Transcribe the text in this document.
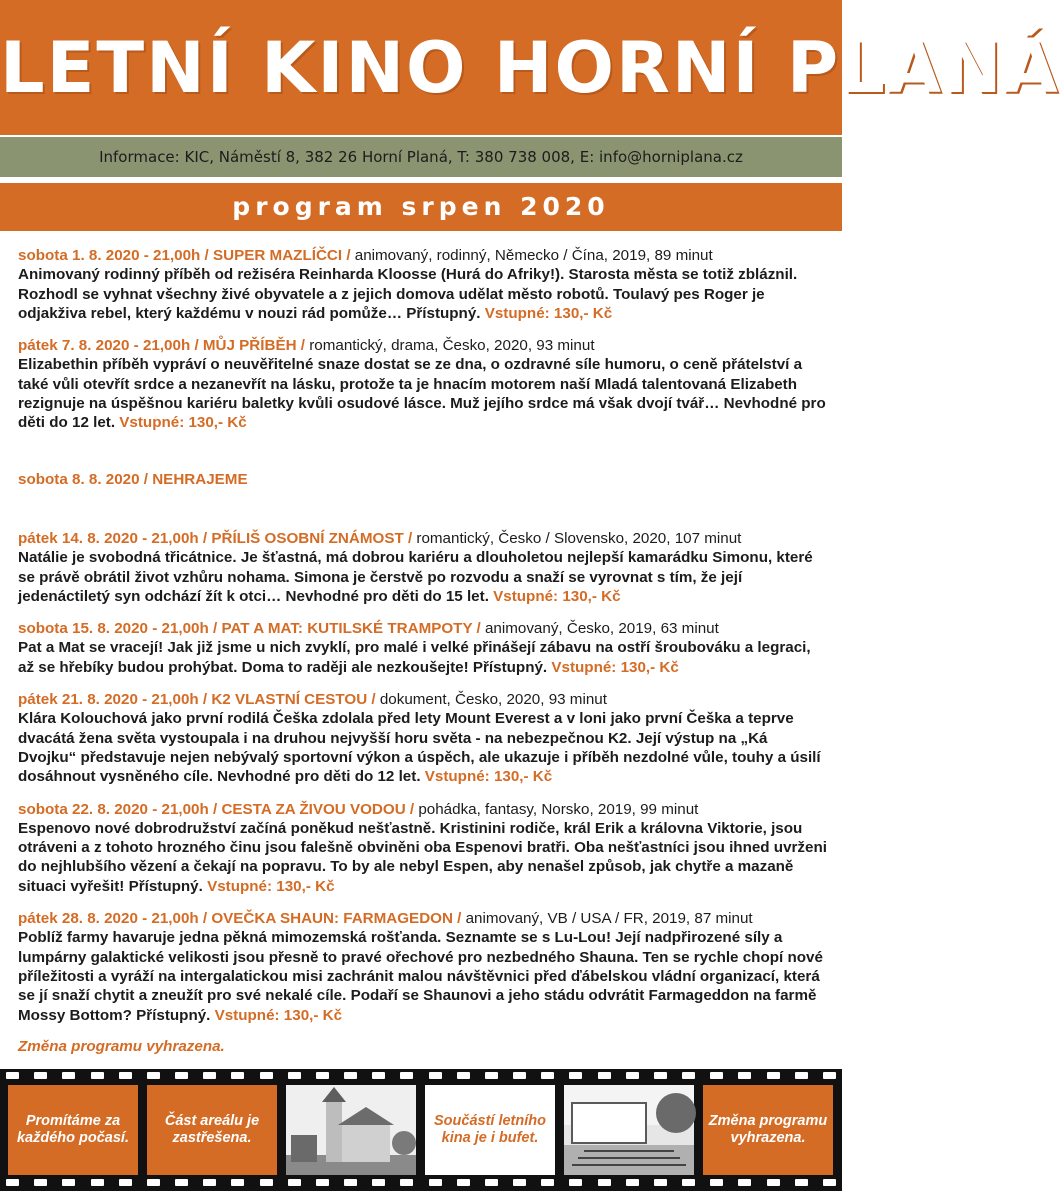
LETNÍ KINO HORNÍ PLANÁ
Informace: KIC, Náměstí 8, 382 26 Horní Planá, T: 380 738 008, E: info@horniplana.cz
program srpen 2020
sobota 1. 8. 2020 - 21,00h / SUPER MAZLÍČCI / animovaný, rodinný, Německo / Čína, 2019, 89 minut
Animovaný rodinný příběh od režiséra Reinharda Kloosse (Hurá do Afriky!). Starosta města se totiž zbláznil. Rozhodl se vyhnat všechny živé obyvatele a z jejich domova udělat město robotů. Toulavý pes Roger je odjakživa rebel, který každému v nouzi rád pomůže… Přístupný. Vstupné: 130,- Kč
pátek 7. 8. 2020 - 21,00h / MŮJ PŘÍBĚH / romantický, drama, Česko, 2020, 93 minut
Elizabethin příběh vypráví o neuvěřitelné snaze dostat se ze dna, o ozdravné síle humoru, o ceně přátelství a také vůli otevřít srdce a nezanevřít na lásku, protože ta je hnacím motorem naší Mladá talentovaná Elizabeth rezignuje na úspěšnou kariéru baletky kvůli osudové lásce. Muž jejího srdce má však dvojí tvář… Nevhodné pro děti do 12 let. Vstupné: 130,- Kč
sobota 8. 8. 2020 / NEHRAJEME
pátek 14. 8. 2020 - 21,00h / PŘÍLIŠ OSOBNÍ ZNÁMOST / romantický, Česko / Slovensko, 2020, 107 minut
Natálie je svobodná třicátnice. Je šťastná, má dobrou kariéru a dlouholetou nejlepší kamarádku Simonu, které se právě obrátil život vzhůru nohama. Simona je čerstvě po rozvodu a snaží se vyrovnat s tím, že její jedenáctiletý syn odchází žít k otci… Nevhodné pro děti do 15 let. Vstupné: 130,- Kč
sobota 15. 8. 2020 - 21,00h / PAT A MAT: KUTILSKÉ TRAMPOTY / animovaný, Česko, 2019, 63 minut
Pat a Mat se vracejí! Jak již jsme u nich zvyklí, pro malé i velké přinášejí zábavu na ostří šroubováku a legraci, až se hřebíky budou prohýbat. Doma to raději ale nezkoušejte! Přístupný. Vstupné: 130,- Kč
pátek 21. 8. 2020 - 21,00h / K2 VLASTNÍ CESTOU / dokument, Česko, 2020, 93 minut
Klára Kolouchová jako první rodilá Češka zdolala před lety Mount Everest a v loni jako první Češka a teprve dvacátá žena světa vystoupala i na druhou nejvyšší horu světa - na nebezpečnou K2. Její výstup na „Ká Dvojku“ představuje nejen nebývalý sportovní výkon a úspěch, ale ukazuje i příběh nezdolné vůle, touhy a úsilí dosáhnout vysněného cíle. Nevhodné pro děti do 12 let. Vstupné: 130,- Kč
sobota 22. 8. 2020 - 21,00h / CESTA ZA ŽIVOU VODOU / pohádka, fantasy, Norsko, 2019, 99 minut
Espenovo nové dobrodružství začíná poněkud nešťastně. Kristinini rodiče, král Erik a královna Viktorie, jsou otráveni a z tohoto hrozného činu jsou falešně obviněni oba Espenovi bratři. Oba nešťastníci jsou ihned uvrženi do nejhlubšího vězení a čekají na popravu. To by ale nebyl Espen, aby nenašel způsob, jak chytře a mazaně situaci vyřešit! Přístupný. Vstupné: 130,- Kč
pátek 28. 8. 2020 - 21,00h / OVEČKA SHAUN: FARMAGEDON / animovaný, VB / USA / FR, 2019, 87 minut
Poblíž farmy havaruje jedna pěkná mimozemská rošťanda. Seznamte se s Lu-Lou! Její nadpřirozené síly a lumpárny galaktické velikosti jsou přesně to pravé ořechové pro nezbedného Shauna. Ten se rychle chopí nové příležitosti a vyráží na intergalatickou misi zachránit malou návštěvnici před ďábelskou vládní organizací, která se jí snaží chytit a zneužít pro své nekalé cíle. Podaří se Shaunovi a jeho stádu odvrátit Farmageddon na farmě Mossy Bottom? Přístupný. Vstupné: 130,- Kč
Změna programu vyhrazena.
Promítáme za každého počasí.
Část areálu je zastřešena.
Součástí letního kina je i bufet.
Změna programu vyhrazena.
